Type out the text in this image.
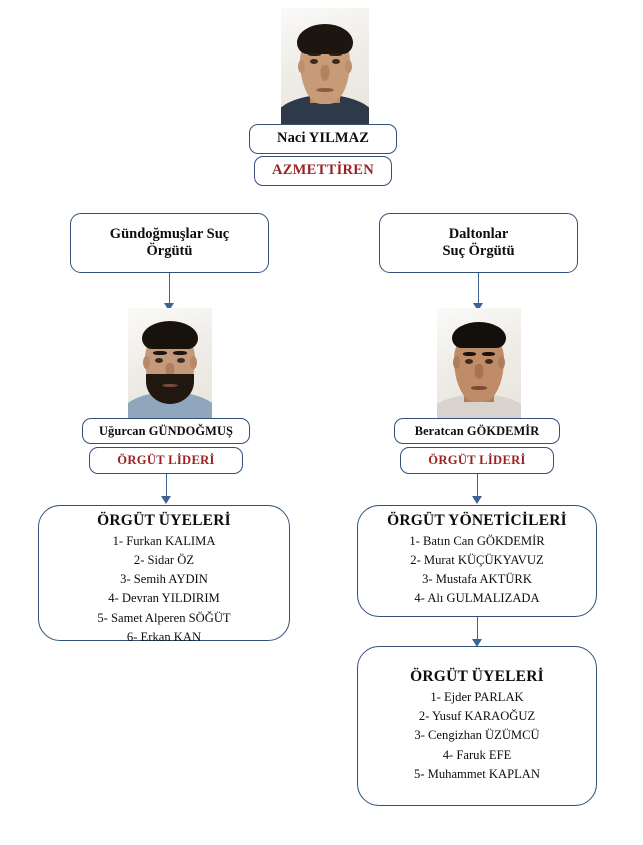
Naci YILMAZ
AZMETTİREN
Gündoğmuşlar Suç
Örgütü
Uğurcan GÜNDOĞMUŞ
ÖRGÜT LİDERİ
ÖRGÜT ÜYELERİ
1- Furkan KALIMA
2- Sidar ÖZ
3- Semih AYDIN
4- Devran YILDIRIM
5- Samet Alperen SÖĞÜT
6- Erkan KAN
Daltonlar
Suç Örgütü
Beratcan GÖKDEMİR
ÖRGÜT LİDERİ
ÖRGÜT YÖNETİCİLERİ
1- Batın Can GÖKDEMİR
2- Murat KÜÇÜKYAVUZ
3- Mustafa AKTÜRK
4- Alı GULMALIZADA
ÖRGÜT ÜYELERİ
1- Ejder PARLAK
2- Yusuf KARAOĞUZ
3- Cengizhan ÜZÜMCÜ
4- Faruk EFE
5- Muhammet KAPLAN
